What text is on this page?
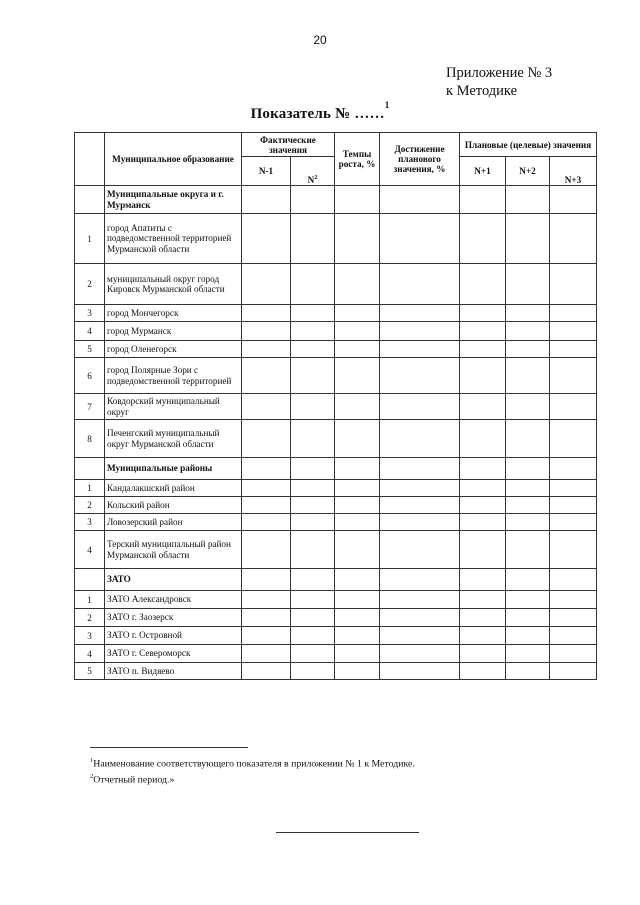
20
Приложение № 3
к Методике
Показатель № ……$^1$
	Муниципальное образование	Фактические значения		Темпы роста, %	Достижение планового значения, %	Плановые (целевые) значения		
		N-1	$N^2$			N+1	N+2	N+3
	Муниципальные округа и г. Мурманск							
1	город Апатиты с подведомственной территорией Мурманской области							
2	муниципальный округ город Кировск Мурманской области							
3	город Мончегорск							
4	город Мурманск							
5	город Оленегорск							
6	город Полярные Зори с подведомственной территорией							
7	Ковдорский муниципальный округ							
8	Печенгский муниципальный округ Мурманской области							
	Муниципальные районы							
1	Кандалакшский район							
2	Кольский район							
3	Ловозерский район							
4	Терский муниципальный район Мурманской области							
	ЗАТО							
1	ЗАТО Александровск							
2	ЗАТО г. Заозерск							
3	ЗАТО г. Островной							
4	ЗАТО г. Североморск							
5	ЗАТО п. Видяево							
$^1$Наименование соответствующего показателя в приложении № 1 к Методике.
$^2$Отчетный период.»
